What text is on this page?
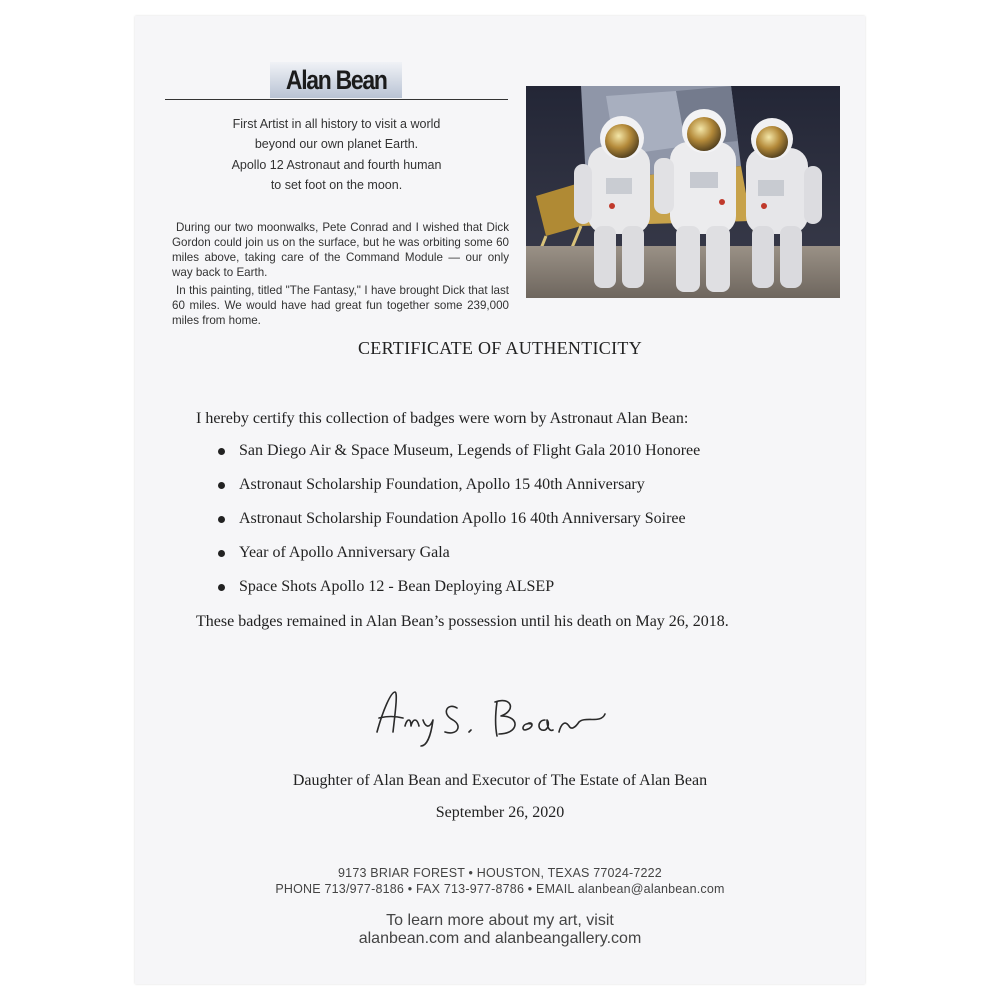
Alan Bean
First Artist in all history to visit a world
beyond our own planet Earth.
Apollo 12 Astronaut and fourth human
to set foot on the moon.

During our two moonwalks, Pete Conrad and I wished that Dick Gordon could join us on the surface, but he was orbiting some 60 miles above, taking care of the Command Module — our only way back to Earth.

In this painting, titled "The Fantasy," I have brought Dick that last 60 miles. We would have had great fun together some 239,000 miles from home.

CERTIFICATE OF AUTHENTICITY
I hereby certify this collection of badges were worn by Astronaut Alan Bean:
San Diego Air & Space Museum, Legends of Flight Gala 2010 Honoree
Astronaut Scholarship Foundation, Apollo 15 40th Anniversary
Astronaut Scholarship Foundation Apollo 16 40th Anniversary Soiree
Year of Apollo Anniversary Gala
Space Shots Apollo 12 - Bean Deploying ALSEP
These badges remained in Alan Bean’s possession until his death on May 26, 2018.
Daughter of Alan Bean and Executor of The Estate of Alan Bean
September 26, 2020
9173 BRIAR FOREST • HOUSTON, TEXAS 77024-7222
PHONE 713/977-8186 • FAX 713-977-8786 • EMAIL alanbean@alanbean.com
To learn more about my art, visit
alanbean.com and alanbeangallery.com
